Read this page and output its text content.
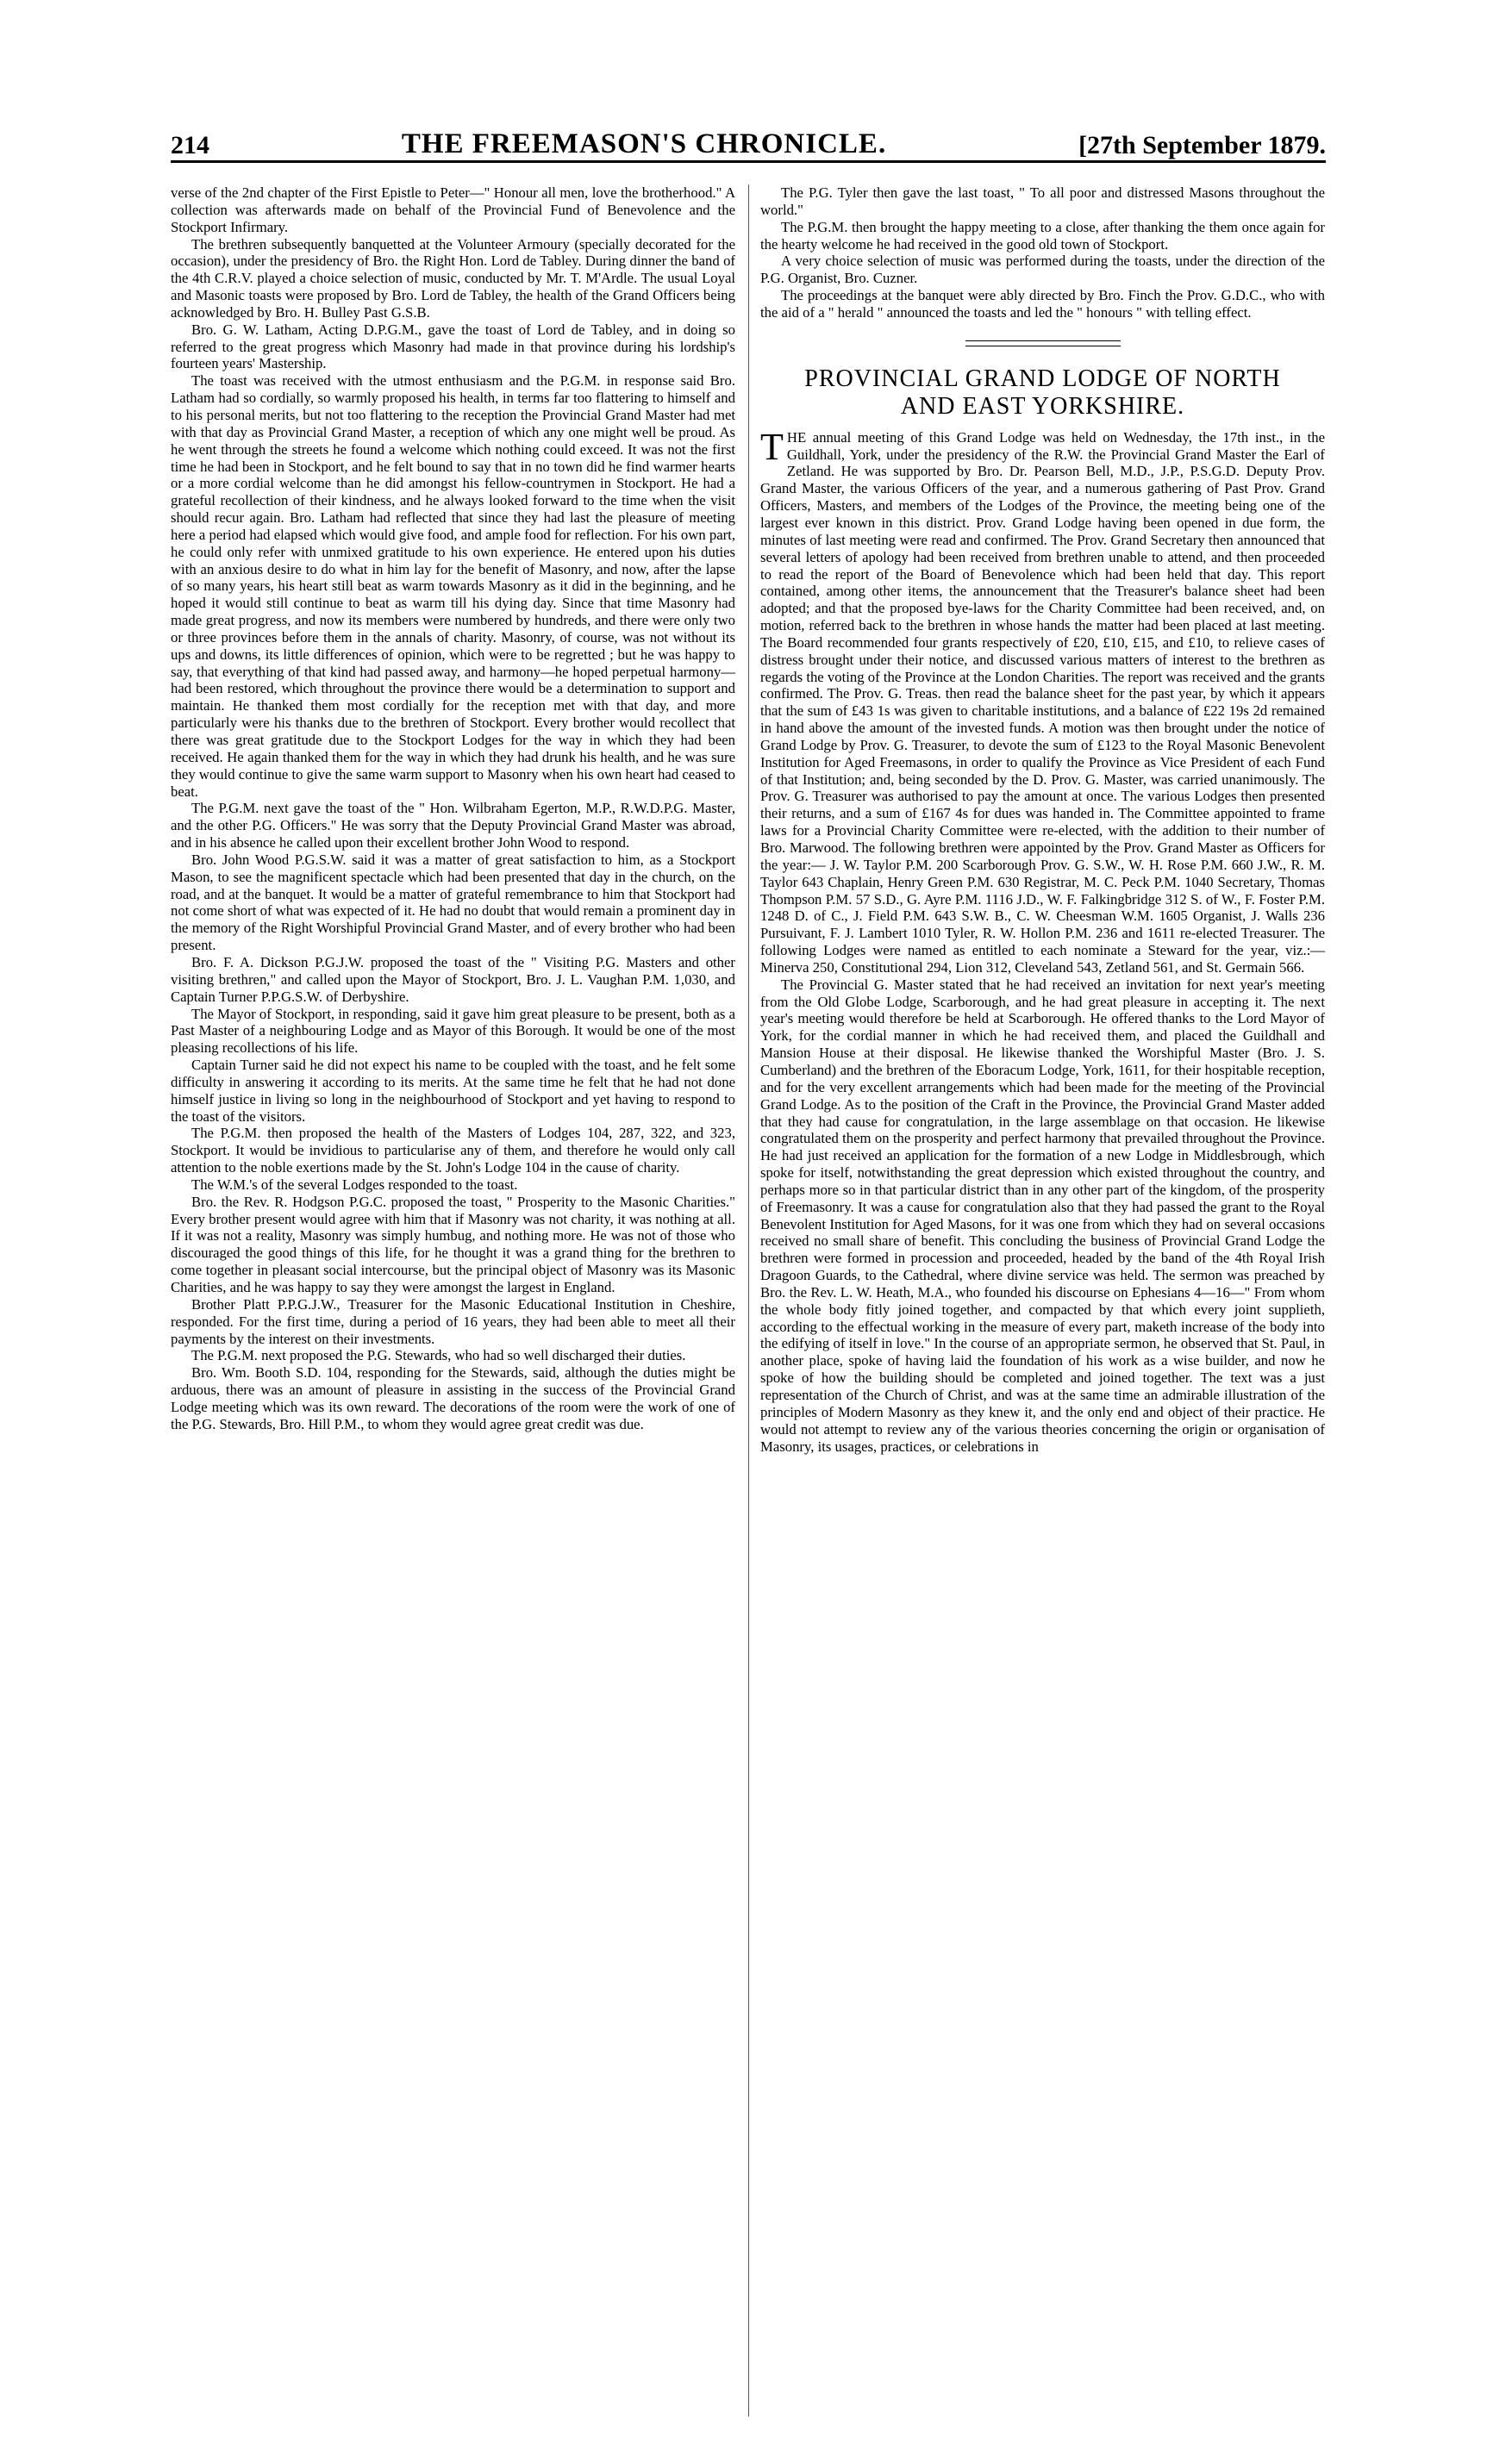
214	THE FREEMASON'S CHRONICLE.	[27th September 1879.

verse of the 2nd chapter of the First Epistle to Peter—" Honour all men, love the brotherhood." A collection was afterwards made on behalf of the Provincial Fund of Benevolence and the Stockport Infirmary.

The brethren subsequently banquetted at the Volunteer Armoury (specially decorated for the occasion), under the presidency of Bro. the Right Hon. Lord de Tabley. During dinner the band of the 4th C.R.V. played a choice selection of music, conducted by Mr. T. M'Ardle. The usual Loyal and Masonic toasts were proposed by Bro. Lord de Tabley, the health of the Grand Officers being acknowledged by Bro. H. Bulley Past G.S.B.

Bro. G. W. Latham, Acting D.P.G.M., gave the toast of Lord de Tabley, and in doing so referred to the great progress which Masonry had made in that province during his lordship's fourteen years' Mastership.

The toast was received with the utmost enthusiasm and the P.G.M. in response said Bro. Latham had so cordially, so warmly proposed his health, in terms far too flattering to himself and to his personal merits, but not too flattering to the reception the Provincial Grand Master had met with that day as Provincial Grand Master, a reception of which any one might well be proud. As he went through the streets he found a welcome which nothing could exceed. It was not the first time he had been in Stockport, and he felt bound to say that in no town did he find warmer hearts or a more cordial welcome than he did amongst his fellow-countrymen in Stockport. He had a grateful recollection of their kindness, and he always looked forward to the time when the visit should recur again. Bro. Latham had reflected that since they had last the pleasure of meeting here a period had elapsed which would give food, and ample food for reflection. For his own part, he could only refer with unmixed gratitude to his own experience. He entered upon his duties with an anxious desire to do what in him lay for the benefit of Masonry, and now, after the lapse of so many years, his heart still beat as warm towards Masonry as it did in the beginning, and he hoped it would still continue to beat as warm till his dying day. Since that time Masonry had made great progress, and now its members were numbered by hundreds, and there were only two or three provinces before them in the annals of charity. Masonry, of course, was not without its ups and downs, its little differences of opinion, which were to be regretted ; but he was happy to say, that everything of that kind had passed away, and harmony—he hoped perpetual harmony—had been restored, which throughout the province there would be a determination to support and maintain. He thanked them most cordially for the reception met with that day, and more particularly were his thanks due to the brethren of Stockport. Every brother would recollect that there was great gratitude due to the Stockport Lodges for the way in which they had been received. He again thanked them for the way in which they had drunk his health, and he was sure they would continue to give the same warm support to Masonry when his own heart had ceased to beat.

The P.G.M. next gave the toast of the " Hon. Wilbraham Egerton, M.P., R.W.D.P.G. Master, and the other P.G. Officers." He was sorry that the Deputy Provincial Grand Master was abroad, and in his absence he called upon their excellent brother John Wood to respond.

Bro. John Wood P.G.S.W. said it was a matter of great satisfaction to him, as a Stockport Mason, to see the magnificent spectacle which had been presented that day in the church, on the road, and at the banquet. It would be a matter of grateful remembrance to him that Stockport had not come short of what was expected of it. He had no doubt that would remain a prominent day in the memory of the Right Worshipful Provincial Grand Master, and of every brother who had been present.

Bro. F. A. Dickson P.G.J.W. proposed the toast of the " Visiting P.G. Masters and other visiting brethren," and called upon the Mayor of Stockport, Bro. J. L. Vaughan P.M. 1,030, and Captain Turner P.P.G.S.W. of Derbyshire.

The Mayor of Stockport, in responding, said it gave him great pleasure to be present, both as a Past Master of a neighbouring Lodge and as Mayor of this Borough. It would be one of the most pleasing recollections of his life.

Captain Turner said he did not expect his name to be coupled with the toast, and he felt some difficulty in answering it according to its merits. At the same time he felt that he had not done himself justice in living so long in the neighbourhood of Stockport and yet having to respond to the toast of the visitors.

The P.G.M. then proposed the health of the Masters of Lodges 104, 287, 322, and 323, Stockport. It would be invidious to particularise any of them, and therefore he would only call attention to the noble exertions made by the St. John's Lodge 104 in the cause of charity.

The W.M.'s of the several Lodges responded to the toast.

Bro. the Rev. R. Hodgson P.G.C. proposed the toast, " Prosperity to the Masonic Charities." Every brother present would agree with him that if Masonry was not charity, it was nothing at all. If it was not a reality, Masonry was simply humbug, and nothing more. He was not of those who discouraged the good things of this life, for he thought it was a grand thing for the brethren to come together in pleasant social intercourse, but the principal object of Masonry was its Masonic Charities, and he was happy to say they were amongst the largest in England.

Brother Platt P.P.G.J.W., Treasurer for the Masonic Educational Institution in Cheshire, responded. For the first time, during a period of 16 years, they had been able to meet all their payments by the interest on their investments.

The P.G.M. next proposed the P.G. Stewards, who had so well discharged their duties.

Bro. Wm. Booth S.D. 104, responding for the Stewards, said, although the duties might be arduous, there was an amount of pleasure in assisting in the success of the Provincial Grand Lodge meeting which was its own reward. The decorations of the room were the work of one of the P.G. Stewards, Bro. Hill P.M., to whom they would agree great credit was due.

The P.G. Tyler then gave the last toast, " To all poor and distressed Masons throughout the world."

The P.G.M. then brought the happy meeting to a close, after thanking the them once again for the hearty welcome he had received in the good old town of Stockport.

A very choice selection of music was performed during the toasts, under the direction of the P.G. Organist, Bro. Cuzner.

The proceedings at the banquet were ably directed by Bro. Finch the Prov. G.D.C., who with the aid of a " herald " announced the toasts and led the " honours " with telling effect.

PROVINCIAL GRAND LODGE OF NORTH
AND EAST YORKSHIRE.

THE annual meeting of this Grand Lodge was held on Wednesday, the 17th inst., in the Guildhall, York, under the presidency of the R.W. the Provincial Grand Master the Earl of Zetland. He was supported by Bro. Dr. Pearson Bell, M.D., J.P., P.S.G.D. Deputy Prov. Grand Master, the various Officers of the year, and a numerous gathering of Past Prov. Grand Officers, Masters, and members of the Lodges of the Province, the meeting being one of the largest ever known in this district. Prov. Grand Lodge having been opened in due form, the minutes of last meeting were read and confirmed. The Prov. Grand Secretary then announced that several letters of apology had been received from brethren unable to attend, and then proceeded to read the report of the Board of Benevolence which had been held that day. This report contained, among other items, the announcement that the Treasurer's balance sheet had been adopted; and that the proposed bye-laws for the Charity Committee had been received, and, on motion, referred back to the brethren in whose hands the matter had been placed at last meeting. The Board recommended four grants respectively of £20, £10, £15, and £10, to relieve cases of distress brought under their notice, and discussed various matters of interest to the brethren as regards the voting of the Province at the London Charities. The report was received and the grants confirmed. The Prov. G. Treas. then read the balance sheet for the past year, by which it appears that the sum of £43 1s was given to charitable institutions, and a balance of £22 19s 2d remained in hand above the amount of the invested funds. A motion was then brought under the notice of Grand Lodge by Prov. G. Treasurer, to devote the sum of £123 to the Royal Masonic Benevolent Institution for Aged Freemasons, in order to qualify the Province as Vice President of each Fund of that Institution; and, being seconded by the D. Prov. G. Master, was carried unanimously. The Prov. G. Treasurer was authorised to pay the amount at once. The various Lodges then presented their returns, and a sum of £167 4s for dues was handed in. The Committee appointed to frame laws for a Provincial Charity Committee were re-elected, with the addition to their number of Bro. Marwood. The following brethren were appointed by the Prov. Grand Master as Officers for the year:— J. W. Taylor P.M. 200 Scarborough Prov. G. S.W., W. H. Rose P.M. 660 J.W., R. M. Taylor 643 Chaplain, Henry Green P.M. 630 Registrar, M. C. Peck P.M. 1040 Secretary, Thomas Thompson P.M. 57 S.D., G. Ayre P.M. 1116 J.D., W. F. Falkingbridge 312 S. of W., F. Foster P.M. 1248 D. of C., J. Field P.M. 643 S.W. B., C. W. Cheesman W.M. 1605 Organist, J. Walls 236 Pursuivant, F. J. Lambert 1010 Tyler, R. W. Hollon P.M. 236 and 1611 re-elected Treasurer. The following Lodges were named as entitled to each nominate a Steward for the year, viz.:—Minerva 250, Constitutional 294, Lion 312, Cleveland 543, Zetland 561, and St. Germain 566.

The Provincial G. Master stated that he had received an invitation for next year's meeting from the Old Globe Lodge, Scarborough, and he had great pleasure in accepting it. The next year's meeting would therefore be held at Scarborough. He offered thanks to the Lord Mayor of York, for the cordial manner in which he had received them, and placed the Guildhall and Mansion House at their disposal. He likewise thanked the Worshipful Master (Bro. J. S. Cumberland) and the brethren of the Eboracum Lodge, York, 1611, for their hospitable reception, and for the very excellent arrangements which had been made for the meeting of the Provincial Grand Lodge. As to the position of the Craft in the Province, the Provincial Grand Master added that they had cause for congratulation, in the large assemblage on that occasion. He likewise congratulated them on the prosperity and perfect harmony that prevailed throughout the Province. He had just received an application for the formation of a new Lodge in Middlesbrough, which spoke for itself, notwithstanding the great depression which existed throughout the country, and perhaps more so in that particular district than in any other part of the kingdom, of the prosperity of Freemasonry. It was a cause for congratulation also that they had passed the grant to the Royal Benevolent Institution for Aged Masons, for it was one from which they had on several occasions received no small share of benefit. This concluding the business of Provincial Grand Lodge the brethren were formed in procession and proceeded, headed by the band of the 4th Royal Irish Dragoon Guards, to the Cathedral, where divine service was held. The sermon was preached by Bro. the Rev. L. W. Heath, M.A., who founded his discourse on Ephesians 4—16—" From whom the whole body fitly joined together, and compacted by that which every joint supplieth, according to the effectual working in the measure of every part, maketh increase of the body into the edifying of itself in love." In the course of an appropriate sermon, he observed that St. Paul, in another place, spoke of having laid the foundation of his work as a wise builder, and now he spoke of how the building should be completed and joined together. The text was a just representation of the Church of Christ, and was at the same time an admirable illustration of the principles of Modern Masonry as they knew it, and the only end and object of their practice. He would not attempt to review any of the various theories concerning the origin or organisation of Masonry, its usages, practices, or celebrations in
